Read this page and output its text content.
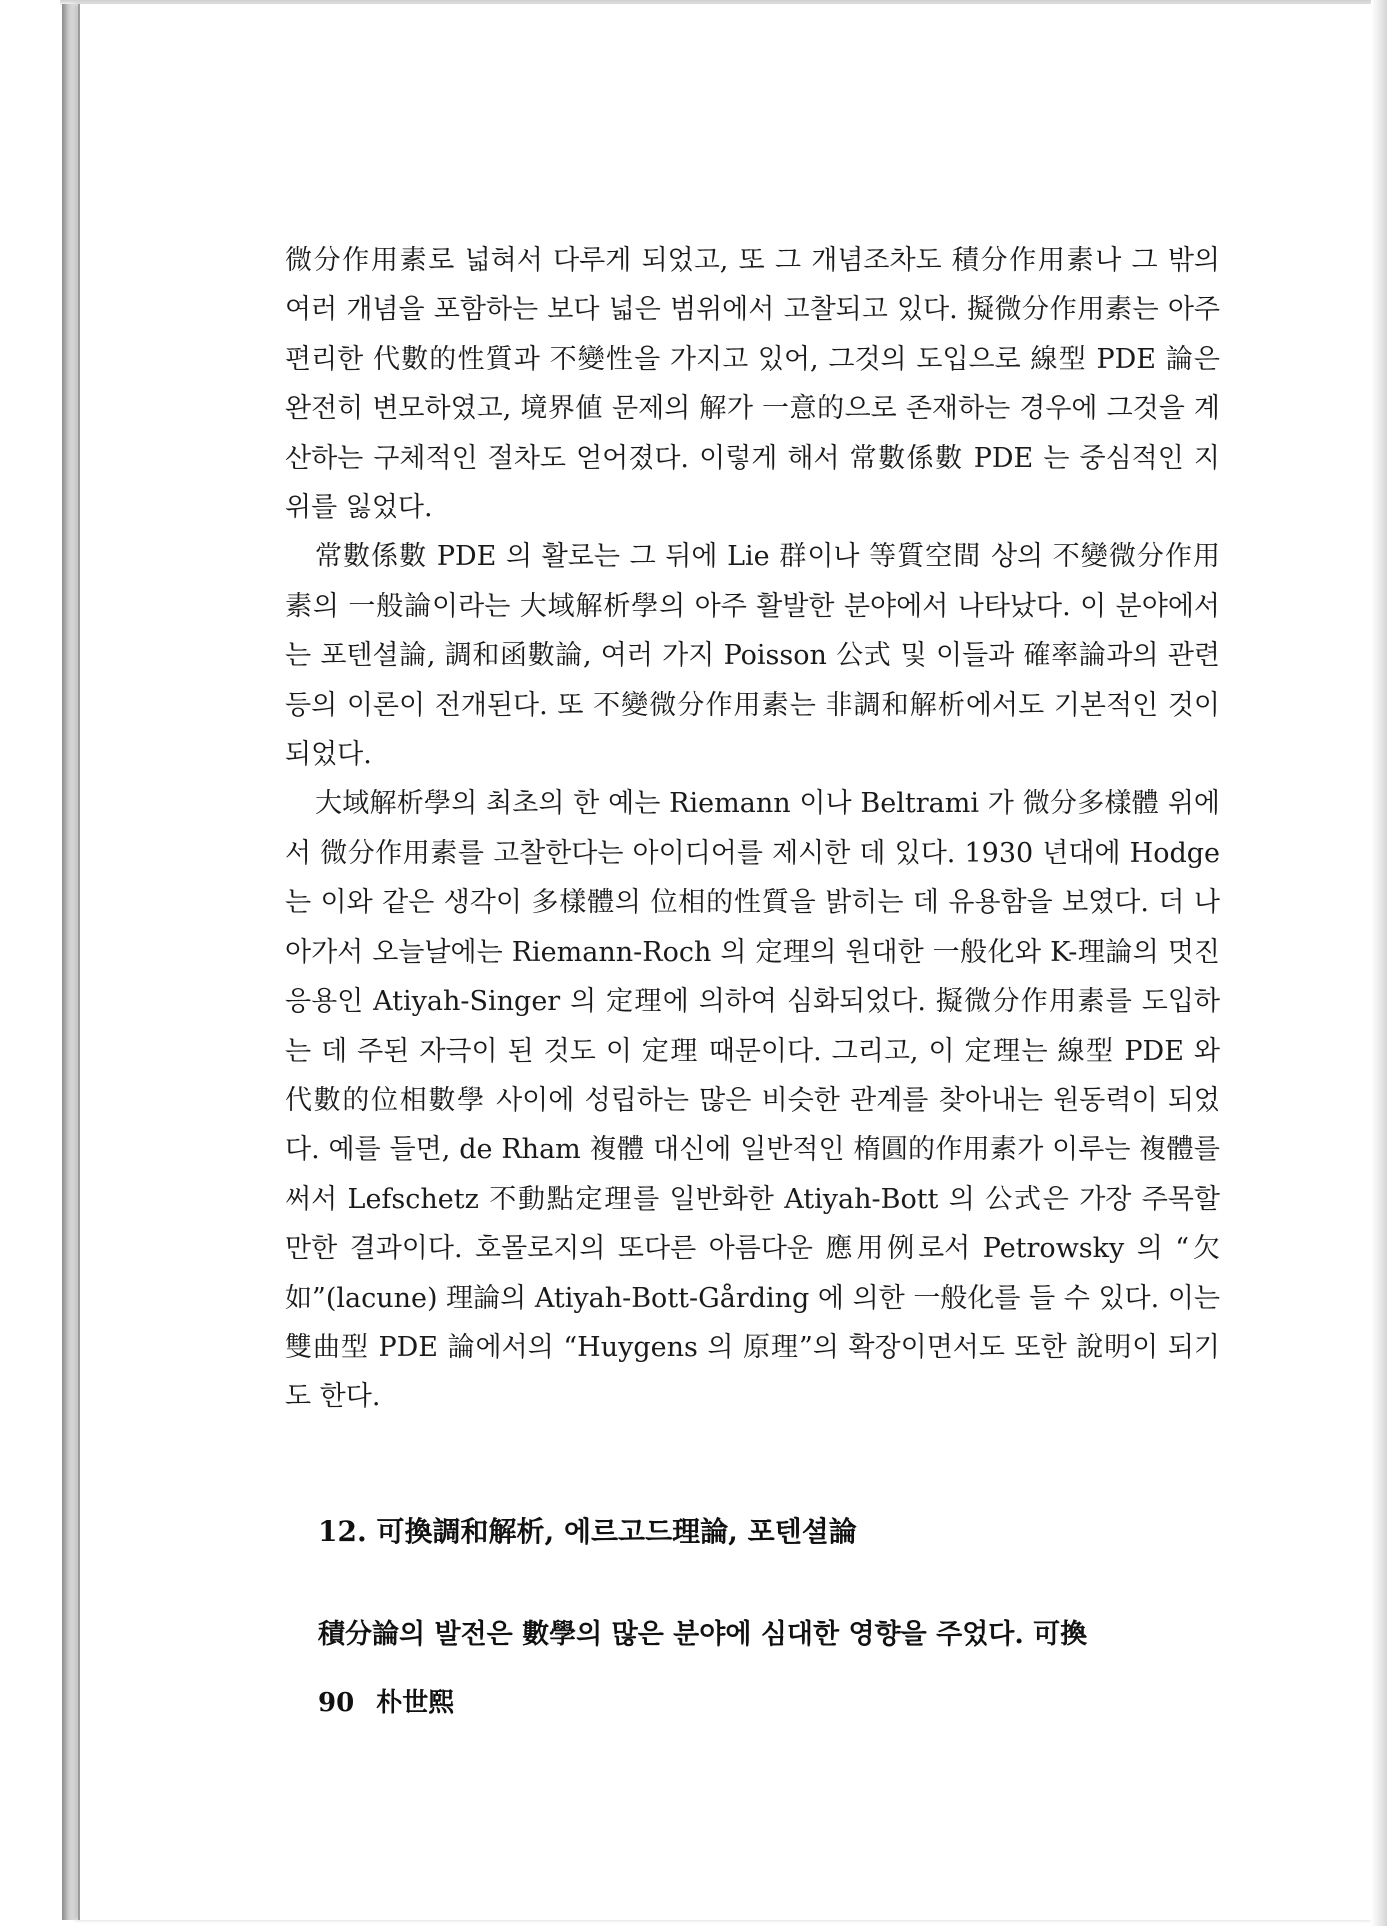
微分作用素로 넓혀서 다루게 되었고, 또 그 개념조차도 積分作用素나 그 밖의 여러 개념을 포함하는 보다 넓은 범위에서 고찰되고 있다. 擬微分作用素는 아주 편리한 代數的性質과 不變性을 가지고 있어, 그것의 도입으로 線型 PDE 論은 완전히 변모하였고, 境界値 문제의 解가 一意的으로 존재하는 경우에 그것을 계산하는 구체적인 절차도 얻어졌다. 이렇게 해서 常數係數 PDE 는 중심적인 지위를 잃었다.

常數係數 PDE 의 활로는 그 뒤에 Lie 群이나 等質空間 상의 不變微分作用素의 一般論이라는 大域解析學의 아주 활발한 분야에서 나타났다. 이 분야에서는 포텐셜論, 調和函數論, 여러 가지 Poisson 公式 및 이들과 確率論과의 관련 등의 이론이 전개된다. 또 不變微分作用素는 非調和解析에서도 기본적인 것이 되었다.

大域解析學의 최초의 한 예는 Riemann 이나 Beltrami 가 微分多樣體 위에서 微分作用素를 고찰한다는 아이디어를 제시한 데 있다. 1930 년대에 Hodge 는 이와 같은 생각이 多樣體의 位相的性質을 밝히는 데 유용함을 보였다. 더 나아가서 오늘날에는 Riemann-Roch 의 定理의 원대한 一般化와 K-理論의 멋진 응용인 Atiyah-Singer 의 定理에 의하여 심화되었다. 擬微分作用素를 도입하는 데 주된 자극이 된 것도 이 定理 때문이다. 그리고, 이 定理는 線型 PDE 와 代數的位相數學 사이에 성립하는 많은 비슷한 관계를 찾아내는 원동력이 되었다. 예를 들면, de Rham 複體 대신에 일반적인 楕圓的作用素가 이루는 複體를 써서 Lefschetz 不動點定理를 일반화한 Atiyah-Bott 의 公式은 가장 주목할 만한 결과이다. 호몰로지의 또다른 아름다운 應用例로서 Petrowsky 의 “欠如”(lacune) 理論의 Atiyah-Bott-Gårding 에 의한 一般化를 들 수 있다. 이는 雙曲型 PDE 論에서의 “Huygens 의 原理”의 확장이면서도 또한 說明이 되기도 한다.

12. 可換調和解析, 에르고드理論, 포텐셜論
積分論의 발전은 數學의 많은 분야에 심대한 영향을 주었다. 可換
90 朴世熙
